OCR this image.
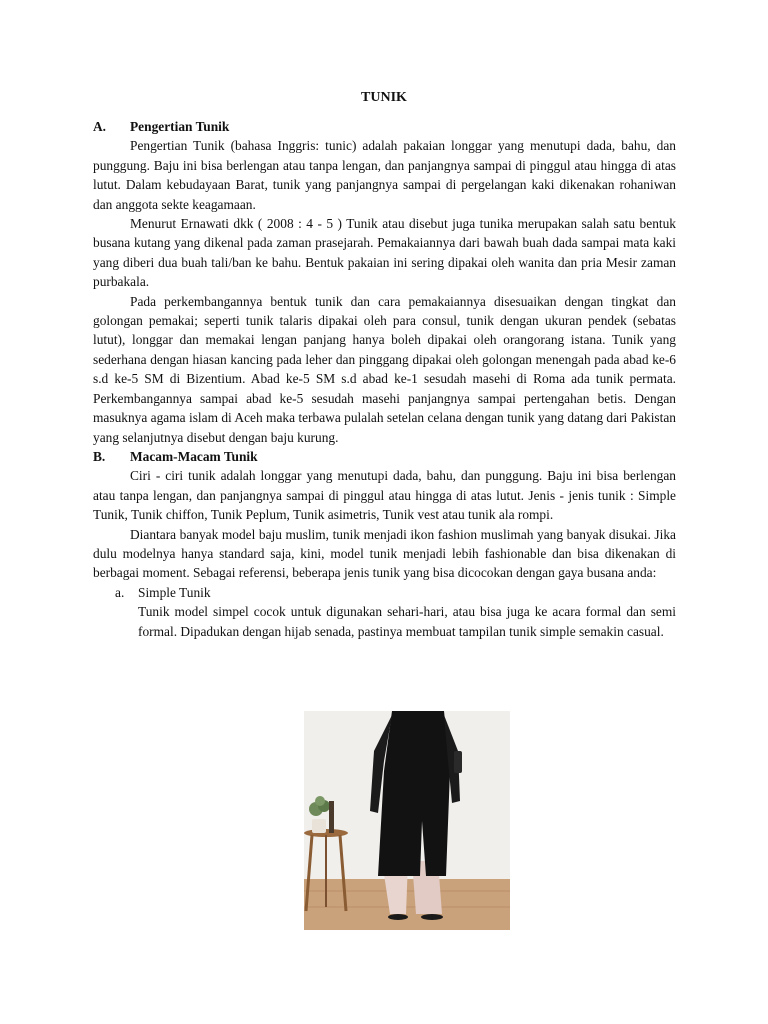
TUNIK
A.	Pengertian Tunik

Pengertian Tunik (bahasa Inggris: tunic) adalah pakaian longgar yang menutupi dada, bahu, dan punggung. Baju ini bisa berlengan atau tanpa lengan, dan panjangnya sampai di pinggul atau hingga di atas lutut. Dalam kebudayaan Barat, tunik yang panjangnya sampai di pergelangan kaki dikenakan rohaniwan dan anggota sekte keagamaan.

Menurut Ernawati dkk ( 2008 : 4 - 5 ) Tunik atau disebut juga tunika merupakan salah satu bentuk busana kutang yang dikenal pada zaman prasejarah. Pemakaiannya dari bawah buah dada sampai mata kaki yang diberi dua buah tali/ban ke bahu. Bentuk pakaian ini sering dipakai oleh wanita dan pria Mesir zaman purbakala.

Pada perkembangannya bentuk tunik dan cara pemakaiannya disesuaikan dengan tingkat dan golongan pemakai; seperti tunik talaris dipakai oleh para consul, tunik dengan ukuran pendek (sebatas lutut), longgar dan memakai lengan panjang hanya boleh dipakai oleh orangorang istana. Tunik yang sederhana dengan hiasan kancing pada leher dan pinggang dipakai oleh golongan menengah pada abad ke-6 s.d ke-5 SM di Bizentium. Abad ke-5 SM s.d abad ke-1 sesudah masehi di Roma ada tunik permata. Perkembangannya sampai abad ke-5 sesudah masehi panjangnya sampai pertengahan betis. Dengan masuknya agama islam di Aceh maka terbawa pulalah setelan celana dengan tunik yang datang dari Pakistan yang selanjutnya disebut dengan baju kurung.

B.	Macam-Macam Tunik

Ciri - ciri tunik adalah longgar yang menutupi dada, bahu, dan punggung. Baju ini bisa berlengan atau tanpa lengan, dan panjangnya sampai di pinggul atau hingga di atas lutut. Jenis - jenis tunik : Simple Tunik, Tunik chiffon, Tunik Peplum, Tunik asimetris, Tunik vest atau tunik ala rompi.

Diantara banyak model baju muslim, tunik menjadi ikon fashion muslimah yang banyak disukai. Jika dulu modelnya hanya standard saja, kini, model tunik menjadi lebih fashionable dan bisa dikenakan di berbagai moment. Sebagai referensi, beberapa jenis tunik yang bisa dicocokan dengan gaya busana anda:

a.	Simple Tunik

Tunik model simpel cocok untuk digunakan sehari-hari, atau bisa juga ke acara formal dan semi formal. Dipadukan dengan hijab senada, pastinya membuat tampilan tunik simple semakin casual.
